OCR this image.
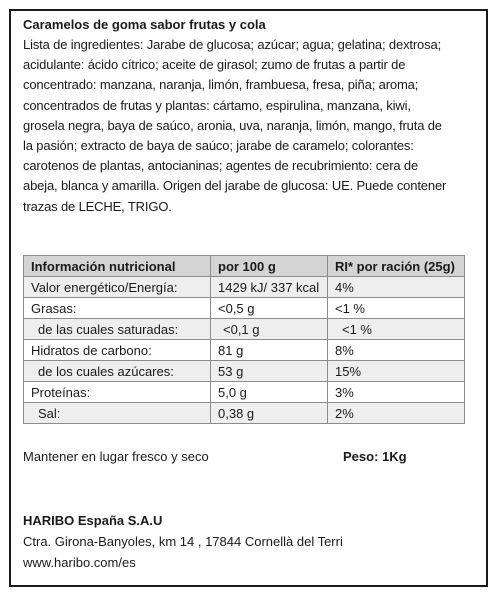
Caramelos de goma sabor frutas y cola
Lista de ingredientes: Jarabe de glucosa; azúcar; agua; gelatina; dextrosa;
acidulante: ácido cítrico; aceite de girasol; zumo de frutas a partir de
concentrado: manzana, naranja, limón, frambuesa, fresa, piña; aroma;
concentrados de frutas y plantas: cártamo, espirulina, manzana, kiwi,
grosela negra, baya de saúco, aronia, uva, naranja, limón, mango, fruta de
la pasión; extracto de baya de saúco; jarabe de caramelo; colorantes:
carotenos de plantas, antocianinas; agentes de recubrimiento: cera de
abeja, blanca y amarilla. Origen del jarabe de glucosa: UE. Puede contener
trazas de LECHE, TRIGO.
Información nutricional	por 100 g	RI* por ración (25g)
Valor energético/Energía:	1429 kJ/ 337 kcal	4%
Grasas:	<0,5 g	<1 %
de las cuales saturadas:	<0,1 g	<1 %
Hidratos de carbono:	81 g	8%
de los cuales azúcares:	53 g	15%
Proteínas:	5,0 g	3%
Sal:	0,38 g	2%
Mantener en lugar fresco y seco	Peso: 1Kg
HARIBO España S.A.U
Ctra. Girona-Banyoles, km 14 , 17844 Cornellà del Terri
www.haribo.com/es
